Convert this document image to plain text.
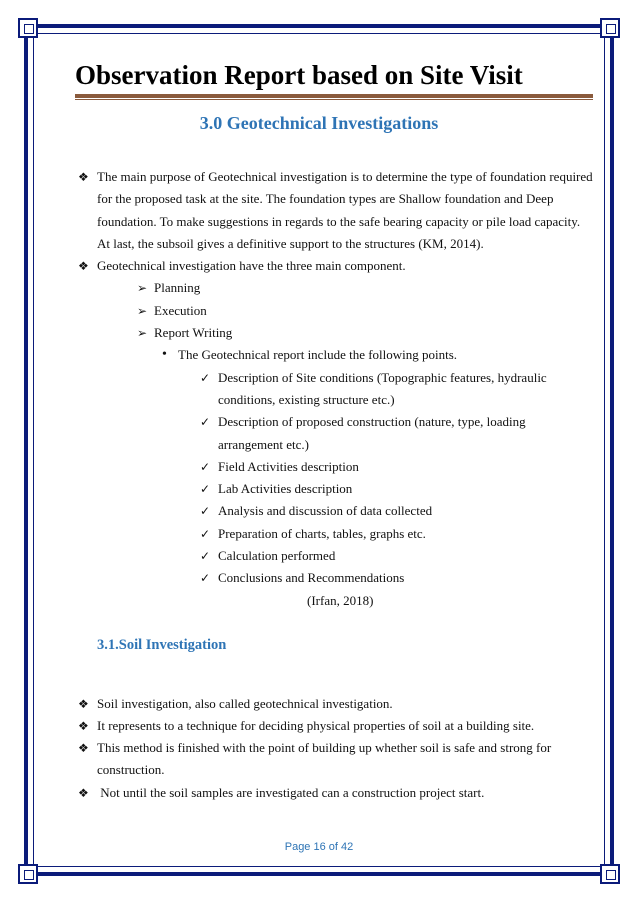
Observation Report based on Site Visit
3.0 Geotechnical Investigations
❖ The main purpose of Geotechnical investigation is to determine the type of foundation required
for the proposed task at the site. The foundation types are Shallow foundation and Deep
foundation. To make suggestions in regards to the safe bearing capacity or pile load capacity.
At last, the subsoil gives a definitive support to the structures (KM, 2014).
❖ Geotechnical investigation have the three main component.
➢ Planning
➢ Execution
➢ Report Writing
• The Geotechnical report include the following points.
✓ Description of Site conditions (Topographic features, hydraulic
conditions, existing structure etc.)
✓ Description of proposed construction (nature, type, loading
arrangement etc.)
✓ Field Activities description
✓ Lab Activities description
✓ Analysis and discussion of data collected
✓ Preparation of charts, tables, graphs etc.
✓ Calculation performed
✓ Conclusions and Recommendations
(Irfan, 2018)
3.1.Soil Investigation
❖ Soil investigation, also called geotechnical investigation.
❖ It represents to a technique for deciding physical properties of soil at a building site.
❖ This method is finished with the point of building up whether soil is safe and strong for
construction.
❖ Not until the soil samples are investigated can a construction project start.
Page 16 of 42
